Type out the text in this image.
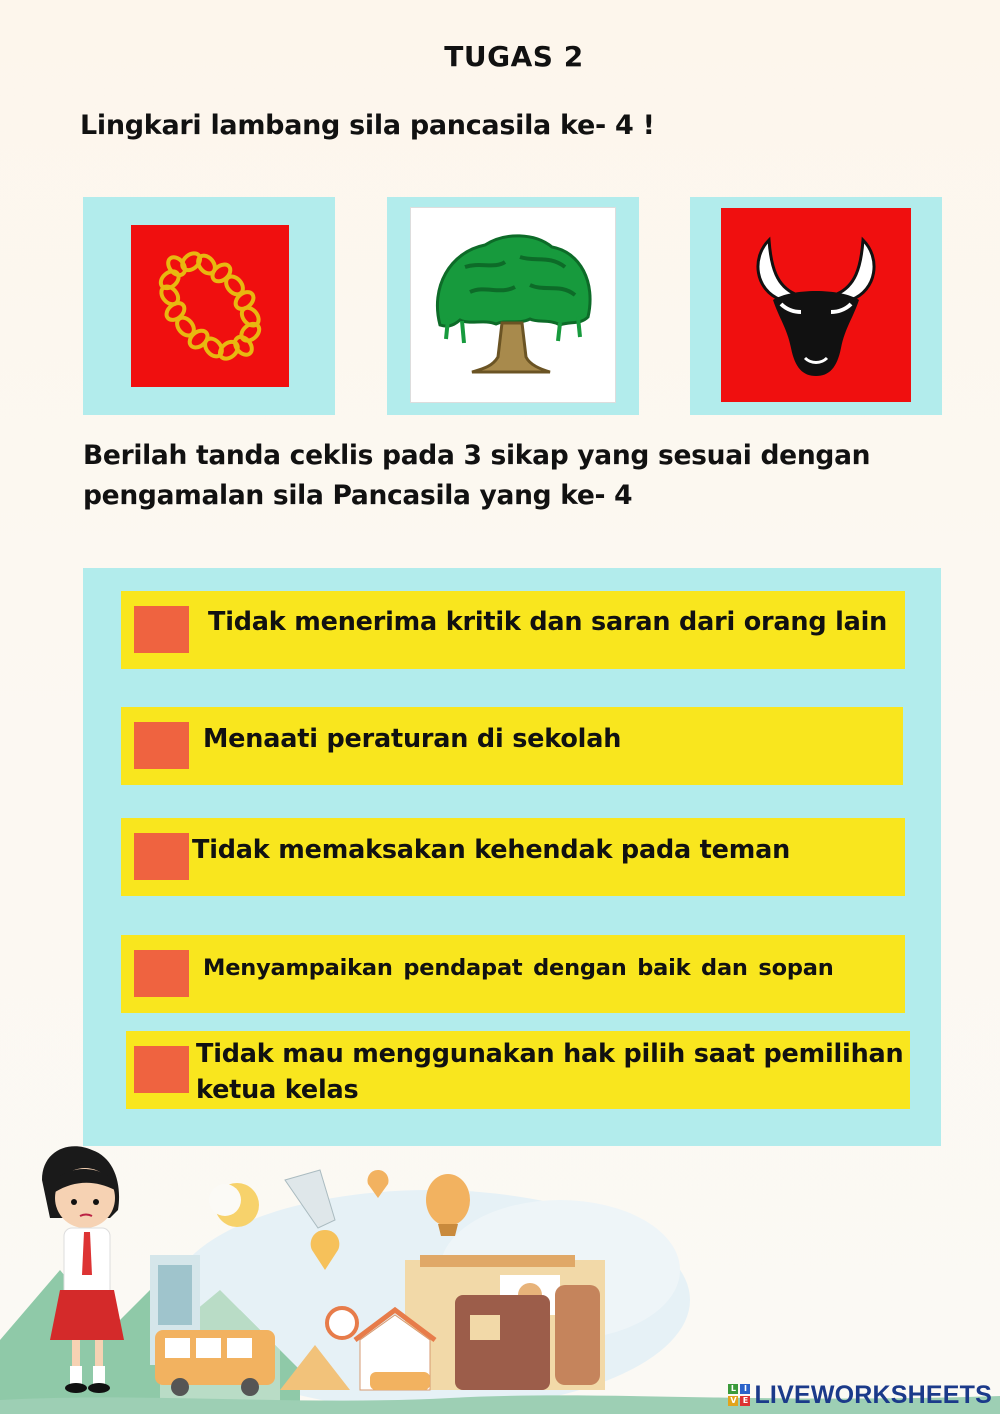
TUGAS 2
Lingkari lambang sila pancasila ke- 4 !
Berilah tanda ceklis pada 3 sikap yang sesuai dengan
pengamalan sila Pancasila yang ke- 4
Tidak menerima kritik dan saran dari orang lain
Menaati peraturan di sekolah
Tidak memaksakan kehendak pada teman
Menyampaikan pendapat dengan baik dan sopan
Tidak mau menggunakan hak pilih saat pemilihan
ketua kelas
L I
V E LIVEWORKSHEETS
